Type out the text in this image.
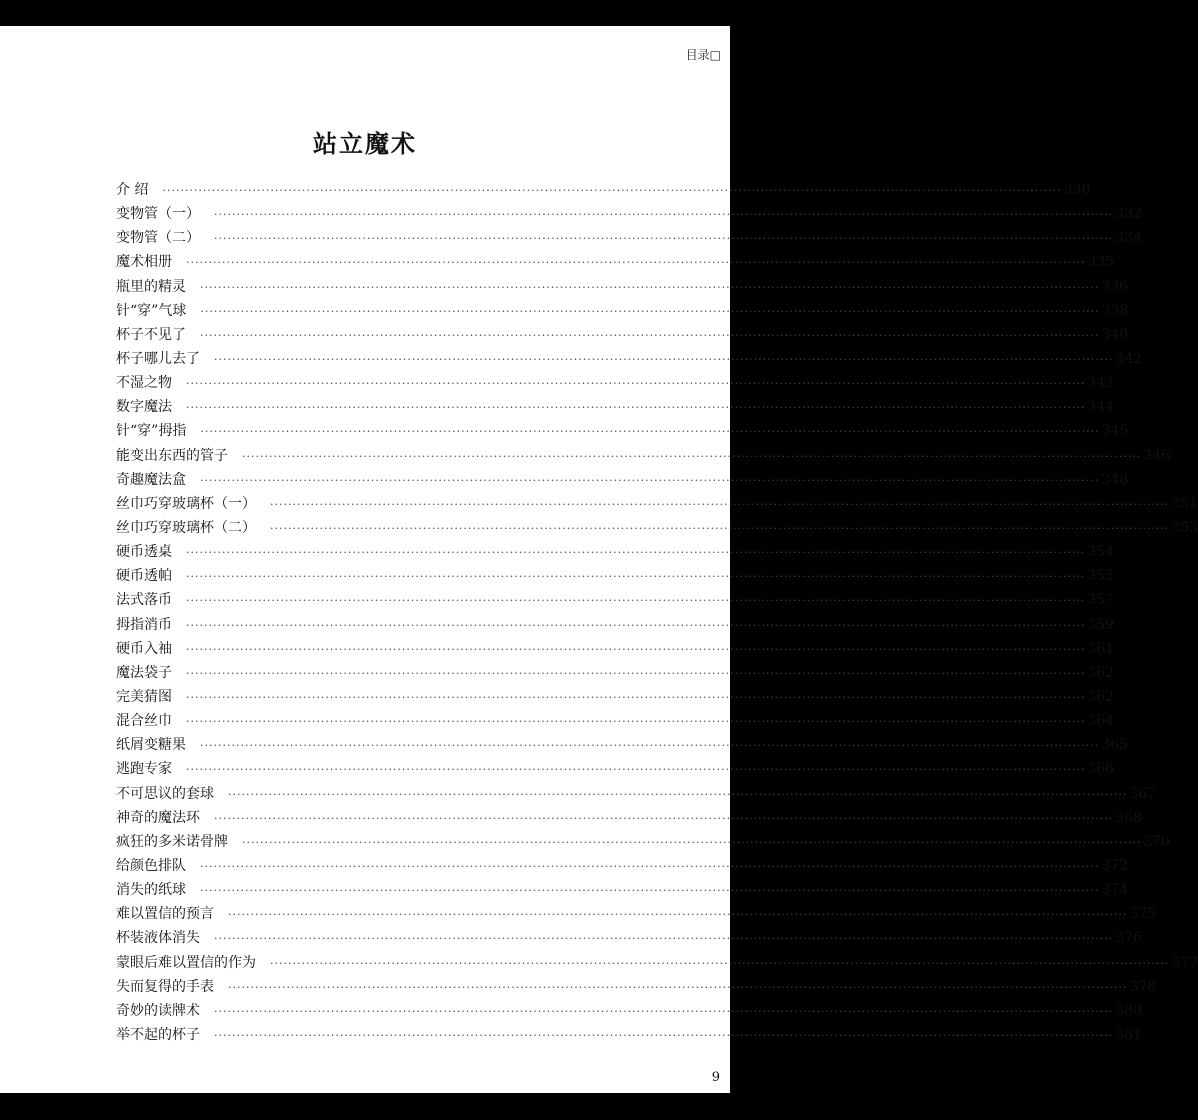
目录□
站立魔术
介 绍 ········································································································································································································ 330
变物管（一） ········································································································································································································ 332
变物管（二） ········································································································································································································ 334
魔术相册 ········································································································································································································ 335
瓶里的精灵 ········································································································································································································ 336
针“穿”气球 ········································································································································································································ 338
杯子不见了 ········································································································································································································ 340
杯子哪儿去了 ········································································································································································································ 342
不湿之物 ········································································································································································································ 343
数字魔法 ········································································································································································································ 344
针“穿”拇指 ········································································································································································································ 345
能变出东西的管子 ········································································································································································································ 346
奇趣魔法盒 ········································································································································································································ 348
丝巾巧穿玻璃杯（一） ········································································································································································································ 351
丝巾巧穿玻璃杯（二） ········································································································································································································ 353
硬币透桌 ········································································································································································································ 354
硬币透帕 ········································································································································································································ 355
法式落币 ········································································································································································································ 357
拇指消币 ········································································································································································································ 359
硬币入袖 ········································································································································································································ 361
魔法袋子 ········································································································································································································ 362
完美猜图 ········································································································································································································ 362
混合丝巾 ········································································································································································································ 364
纸屑变糖果 ········································································································································································································ 365
逃跑专家 ········································································································································································································ 366
不可思议的套球 ········································································································································································································ 367
神奇的魔法环 ········································································································································································································ 368
疯狂的多米诺骨牌 ········································································································································································································ 370
给颜色排队 ········································································································································································································ 372
消失的纸球 ········································································································································································································ 374
难以置信的预言 ········································································································································································································ 375
杯装液体消失 ········································································································································································································ 376
蒙眼后难以置信的作为 ········································································································································································································ 377
失而复得的手表 ········································································································································································································ 378
奇妙的读牌术 ········································································································································································································ 380
举不起的杯子 ········································································································································································································ 381
9
